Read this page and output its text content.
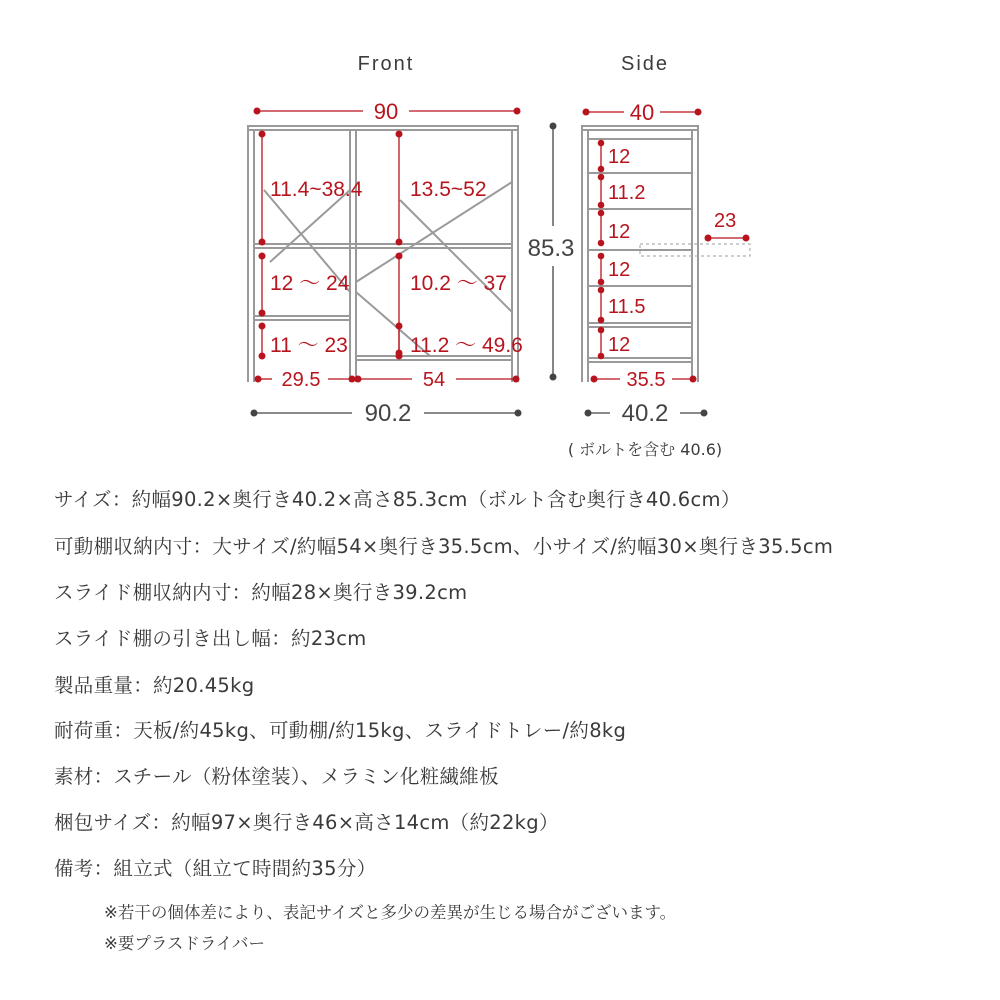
Front	Side
90
11.4~38.4 13.5~52
12 〜 24	10.2 〜 37
11 〜 23	11.2 〜 49.6
29.5	54
85.3
90.2
40
12
11.2
12
12
11.5
12
23
35.5
40.2
( ボルトを含む 40.6)
サイズ：約幅90.2×奥行き40.2×高さ85.3cm（ボルト含む奥行き40.6cm）
可動棚収納内寸：大サイズ/約幅54×奥行き35.5cm、小サイズ/約幅30×奥行き35.5cm
スライド棚収納内寸：約幅28×奥行き39.2cm
スライド棚の引き出し幅：約23cm
製品重量：約20.45kg
耐荷重：天板/約45kg、可動棚/約15kg、スライドトレー/約8kg
素材：スチール（粉体塗装）、メラミン化粧繊維板
梱包サイズ：約幅97×奥行き46×高さ14cm（約22kg）
備考：組立式（組立て時間約35分）
※若干の個体差により、表記サイズと多少の差異が生じる場合がございます。
※要プラスドライバー
